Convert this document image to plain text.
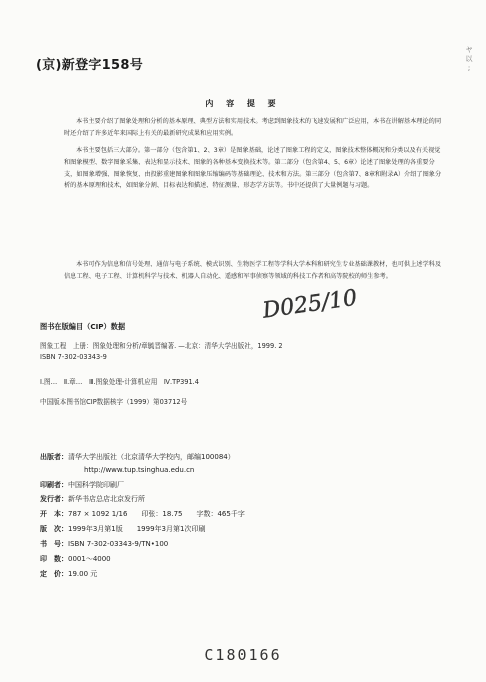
(京)新登字158号
ヤ
以
;
内 容 提 要
本书主要介绍了图象处理和分析的基本原理、典型方法和实用技术。考虑到图象技术的飞速发展和广泛应用，本书在讲解基本理论的同时还介绍了许多近年来国际上有关的最新研究成果和应用实例。
本书主要包括三大部分。第一部分（包含第1、2、3章）是图象基础，论述了图象工程的定义，图象技术整体概况和分类以及有关视觉和图象模型、数字图象采集、表达和显示技术、图象的各种基本变换技术等。第二部分（包含第4、5、6章）论述了图象处理的各重要分支，如图象增强、图象恢复、由投影重建图象和图象压缩编码等基础理论、技术和方法。第三部分（包含第7、8章和附录A）介绍了图象分析的基本原理和技术，如图象分割、目标表达和描述、特征测量、形态学方法等。书中还提供了大量例题与习题。
本书可作为信息和信号处理、通信与电子系统、模式识别、生物医学工程等学科大学本科和研究生专业基础课教材，也可供上述学科及信息工程、电子工程、计算机科学与技术、机器人自动化、遥感和军事侦察等领域的科技工作者和高等院校的师生参考。
D025/10
图书在版编目（CIP）数据
图象工程　上册：图象处理和分析/章毓晋编著. —北京：清华大学出版社，1999. 2
ISBN 7-302-03343-9
Ⅰ.图…　Ⅱ.章…　Ⅲ.图象处理-计算机应用　Ⅳ.TP391.4
中国版本图书馆CIP数据核字（1999）第03712号
出版者：清华大学出版社（北京清华大学校内，邮编100084）
http://www.tup.tsinghua.edu.cn
印刷者：中国科学院印刷厂
发行者：新华书店总店北京发行所
开　本：787 × 1092 1/16　　印张：18.75　　字数：465千字
版　次：1999年3月第1版　　1999年3月第1次印刷
书　号：ISBN 7-302-03343-9/TN•100
印　数：0001～4000
定　价：19.00 元
C180166
